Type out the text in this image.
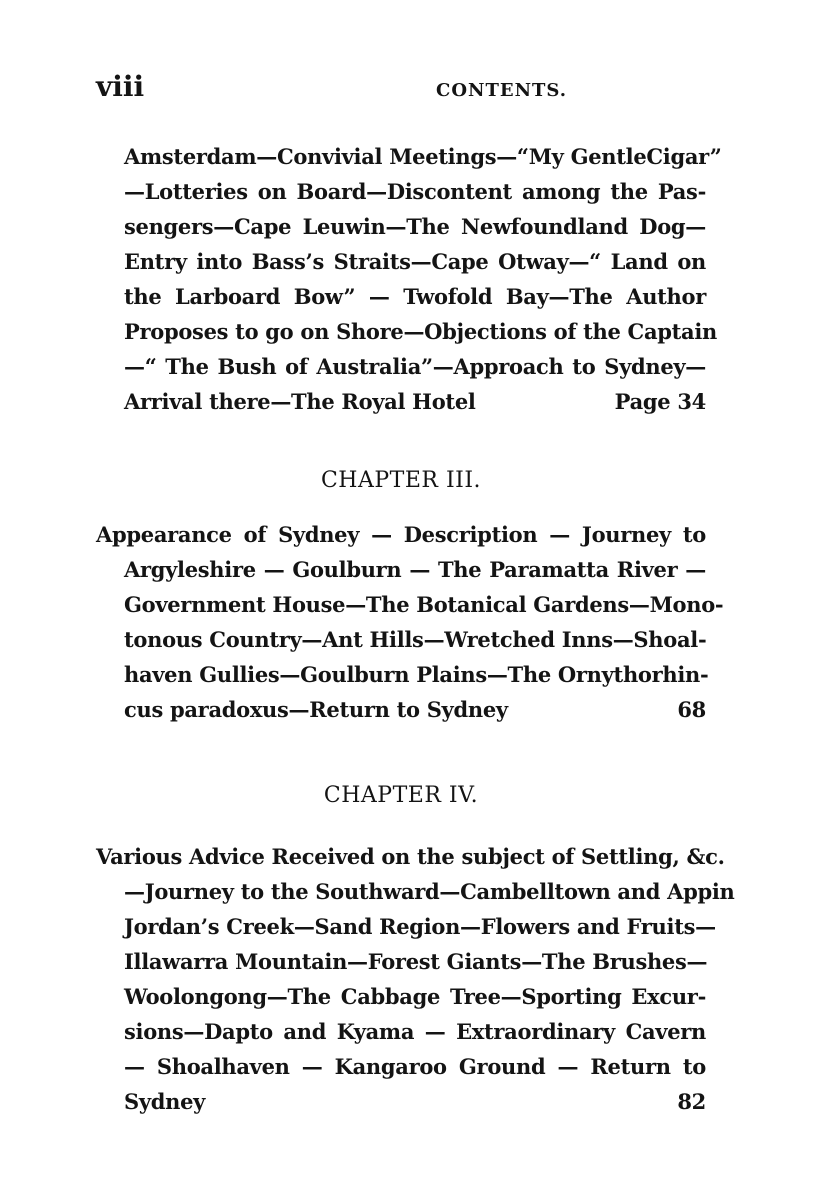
viii	CONTENTS.
Amsterdam—Convivial Meetings—“My GentleCigar”
—Lotteries on Board—Discontent among the Pas-
sengers—Cape Leuwin—The Newfoundland Dog—
Entry into Bass’s Straits—Cape Otway—“ Land on
the Larboard Bow” — Twofold Bay—The Author
Proposes to go on Shore—Objections of the Captain
—“ The Bush of Australia”—Approach to Sydney—
Arrival there—The Royal Hotel	Page 34
CHAPTER III.
Appearance of Sydney — Description — Journey to
Argyleshire — Goulburn — The Paramatta River —
Government House—The Botanical Gardens—Mono-
tonous Country—Ant Hills—Wretched Inns—Shoal-
haven Gullies—Goulburn Plains—The Ornythorhin-
cus paradoxus—Return to Sydney	68
CHAPTER IV.
Various Advice Received on the subject of Settling, &c.
—Journey to the Southward—Cambelltown and Appin
Jordan’s Creek—Sand Region—Flowers and Fruits—
Illawarra Mountain—Forest Giants—The Brushes—
Woolongong—The Cabbage Tree—Sporting Excur-
sions—Dapto and Kyama — Extraordinary Cavern
— Shoalhaven — Kangaroo Ground — Return to
Sydney	82
